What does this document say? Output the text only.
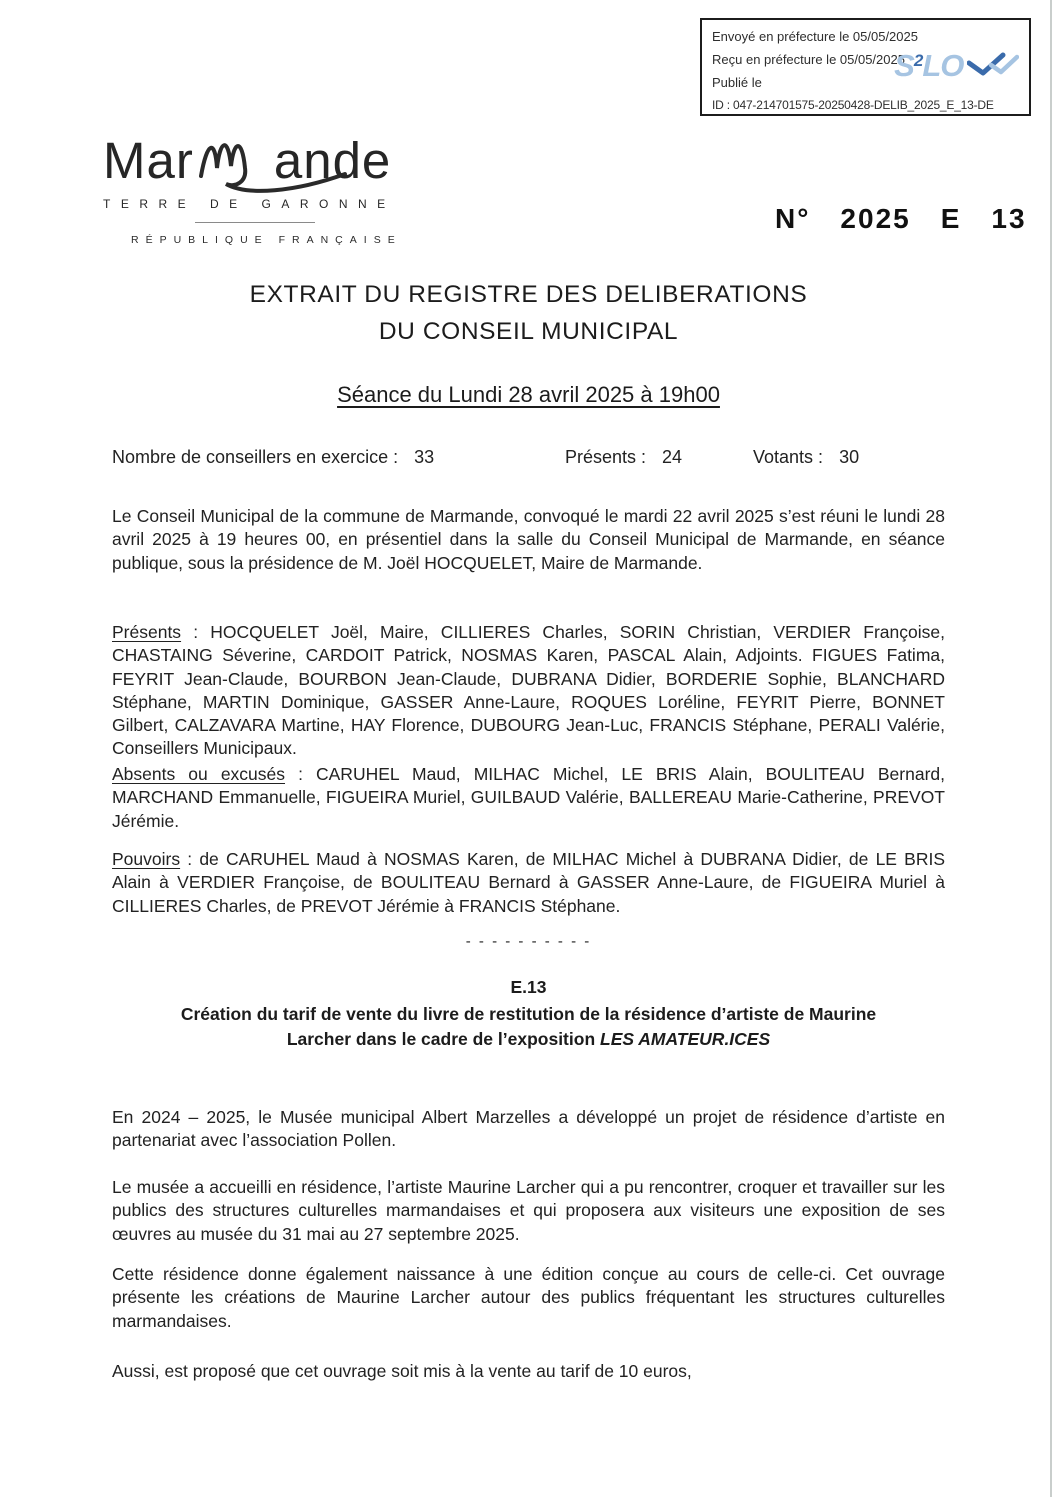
Envoyé en préfecture le 05/05/2025
Reçu en préfecture le 05/05/2025
Publié le
ID : 047-214701575-20250428-DELIB_2025_E_13-DE
$S^2LO$
Mar ande
TERRE DE GARONNE
RÉPUBLIQUE FRANÇAISE
N° 2025 E 13
EXTRAIT DU REGISTRE DES DELIBERATIONS
DU CONSEIL MUNICIPAL
Séance du Lundi 28 avril 2025 à 19h00
Nombre de conseillers en exercice : 33	Présents : 24	Votants : 30
Le Conseil Municipal de la commune de Marmande, convoqué le mardi 22 avril 2025 s’est réuni le lundi 28 avril 2025 à 19 heures 00, en présentiel dans la salle du Conseil Municipal de Marmande, en séance publique, sous la présidence de M. Joël HOCQUELET, Maire de Marmande.
Présents : HOCQUELET Joël, Maire, CILLIERES Charles, SORIN Christian, VERDIER Françoise, CHASTAING Séverine, CARDOIT Patrick, NOSMAS Karen, PASCAL Alain, Adjoints. FIGUES Fatima, FEYRIT Jean-Claude, BOURBON Jean-Claude, DUBRANA Didier, BORDERIE Sophie, BLANCHARD Stéphane, MARTIN Dominique, GASSER Anne-Laure, ROQUES Loréline, FEYRIT Pierre, BONNET Gilbert, CALZAVARA Martine, HAY Florence, DUBOURG Jean-Luc, FRANCIS Stéphane, PERALI Valérie, Conseillers Municipaux.
Absents ou excusés : CARUHEL Maud, MILHAC Michel, LE BRIS Alain, BOULITEAU Bernard, MARCHAND Emmanuelle, FIGUEIRA Muriel, GUILBAUD Valérie, BALLEREAU Marie-Catherine, PREVOT Jérémie.
Pouvoirs : de CARUHEL Maud à NOSMAS Karen, de MILHAC Michel à DUBRANA Didier, de LE BRIS Alain à VERDIER Françoise, de BOULITEAU Bernard à GASSER Anne-Laure, de FIGUEIRA Muriel à CILLIERES Charles, de PREVOT Jérémie à FRANCIS Stéphane.
- - - - - - - - - -
E.13
Création du tarif de vente du livre de restitution de la résidence d’artiste de Maurine Larcher dans le cadre de l’exposition LES AMATEUR.ICES
En 2024 – 2025, le Musée municipal Albert Marzelles a développé un projet de résidence d’artiste en partenariat avec l’association Pollen.
Le musée a accueilli en résidence, l’artiste Maurine Larcher qui a pu rencontrer, croquer et travailler sur les publics des structures culturelles marmandaises et qui proposera aux visiteurs une exposition de ses œuvres au musée du 31 mai au 27 septembre 2025.
Cette résidence donne également naissance à une édition conçue au cours de celle-ci. Cet ouvrage présente les créations de Maurine Larcher autour des publics fréquentant les structures culturelles marmandaises.
Aussi, est proposé que cet ouvrage soit mis à la vente au tarif de 10 euros,
